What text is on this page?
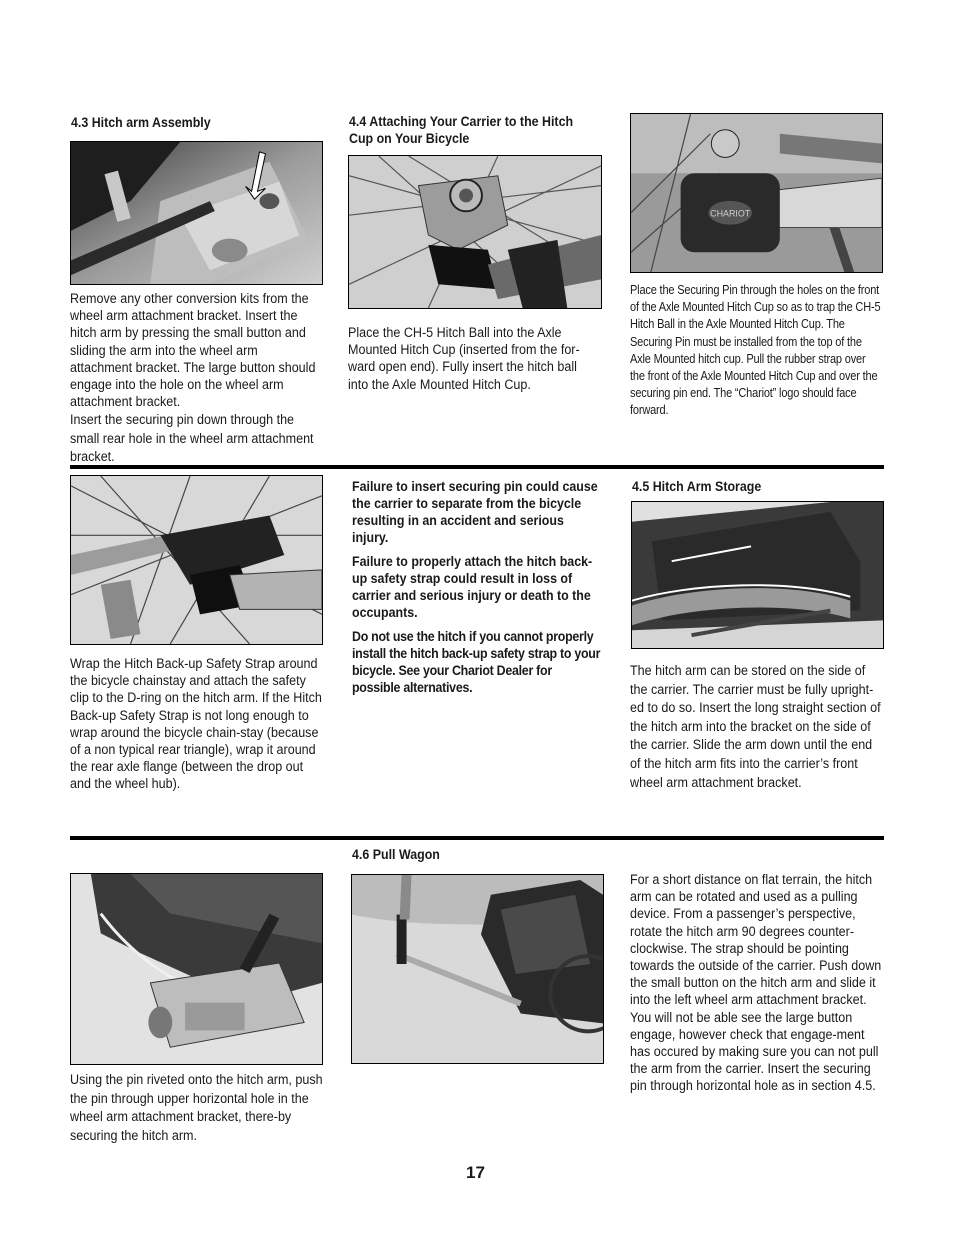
4.3 Hitch arm Assembly
Remove any other conversion kits from the wheel arm attachment bracket. Insert the hitch arm by pressing the small button and sliding the arm into the wheel arm attachment bracket. The large button should engage into the hole on the wheel arm attachment bracket.
Insert the securing pin down through the small rear hole in the wheel arm attachment bracket.
4.4 Attaching Your Carrier to the Hitch Cup on Your Bicycle
Place the CH-5 Hitch Ball into the Axle Mounted Hitch Cup (inserted from the for-ward open end). Fully insert the hitch ball into the Axle Mounted Hitch Cup.
CHARIOT
Place the Securing Pin through the holes on the front of the Axle Mounted Hitch Cup so as to trap the CH-5 Hitch Ball in the Axle Mounted Hitch Cup. The Securing Pin must be installed from the top of the Axle Mounted hitch cup. Pull the rubber strap over the front of the Axle Mounted Hitch Cup and over the securing pin end. The “Chariot” logo should face forward.
Wrap the Hitch Back-up Safety Strap around the bicycle chainstay and attach the safety clip to the D-ring on the hitch arm. If the Hitch Back-up Safety Strap is not long enough to wrap around the bicycle chain-stay (because of a non typical rear triangle), wrap it around the rear axle flange (between the drop out and the wheel hub).
Failure to insert securing pin could cause the carrier to separate from the bicycle resulting in an accident and serious injury.
Failure to properly attach the hitch back-up safety strap could result in loss of carrier and serious injury or death to the occupants.
Do not use the hitch if you cannot properly install the hitch back-up safety strap to your bicycle. See your Chariot Dealer for possible alternatives.
4.5 Hitch Arm Storage
The hitch arm can be stored on the side of the carrier. The carrier must be fully upright-ed to do so. Insert the long straight section of the hitch arm into the bracket on the side of the carrier. Slide the arm down until the end of the hitch arm fits into the carrier’s front wheel arm attachment bracket.
4.6 Pull Wagon
Using the pin riveted onto the hitch arm, push the pin through upper horizontal hole in the wheel arm attachment bracket, there-by securing the hitch arm.
For a short distance on flat terrain, the hitch arm can be rotated and used as a pulling device. From a passenger’s perspective, rotate the hitch arm 90 degrees counter-clockwise. The strap should be pointing towards the outside of the carrier. Push down the small button on the hitch arm and slide it into the left wheel arm attachment bracket. You will not be able see the large button engage, however check that engage-ment has occured by making sure you can not pull the arm from the carrier. Insert the securing pin through horizontal hole as in section 4.5.
17
